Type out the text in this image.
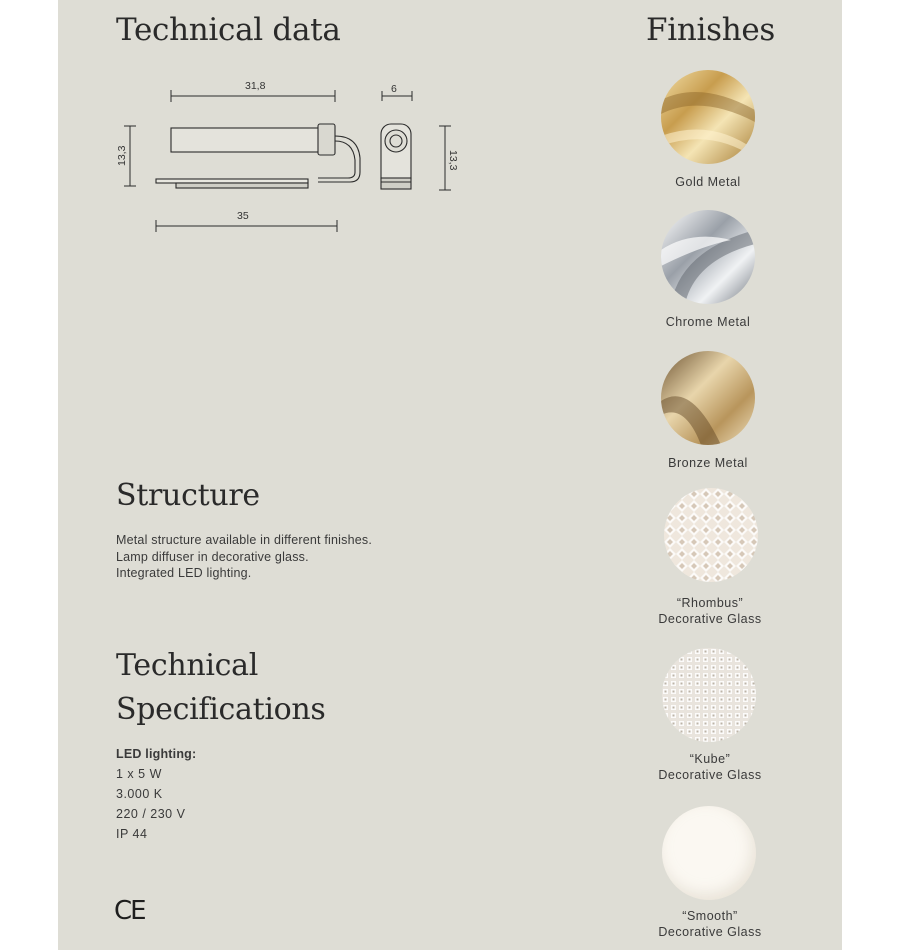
Technical data	Finishes
31,8	6
35
13,3	13,3
Structure
Metal structure available in different finishes.
Lamp diffuser in decorative glass.
Integrated LED lighting.
Technical
Specifications
LED lighting:
1 x 5 W
3.000 K
220 / 230 V
IP 44
CE
Gold Metal
Chrome Metal
Bronze Metal
“Rhombus”
Decorative Glass
“Kube”
Decorative Glass
“Smooth”
Decorative Glass
